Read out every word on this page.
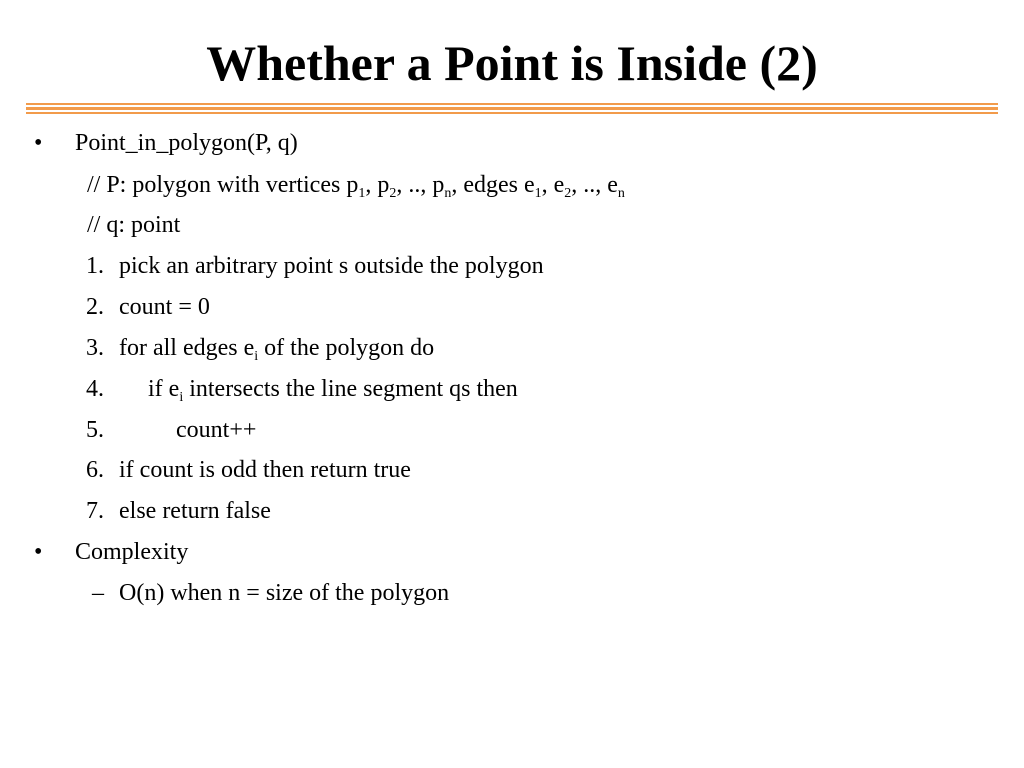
Whether a Point is Inside (2)
• Point_in_polygon(P, q)
// P: polygon with vertices $p_1$, $p_2$, .., $p_n$, edges $e_1$, $e_2$, .., $e_n$
// q: point
1. pick an arbitrary point s outside the polygon
2. count = 0
3. for all edges $e_i$ of the polygon do
4. if $e_i$ intersects the line segment qs then
5.	count++
6. if count is odd then return true
7. else return false
• Complexity
– O(n) when n = size of the polygon
